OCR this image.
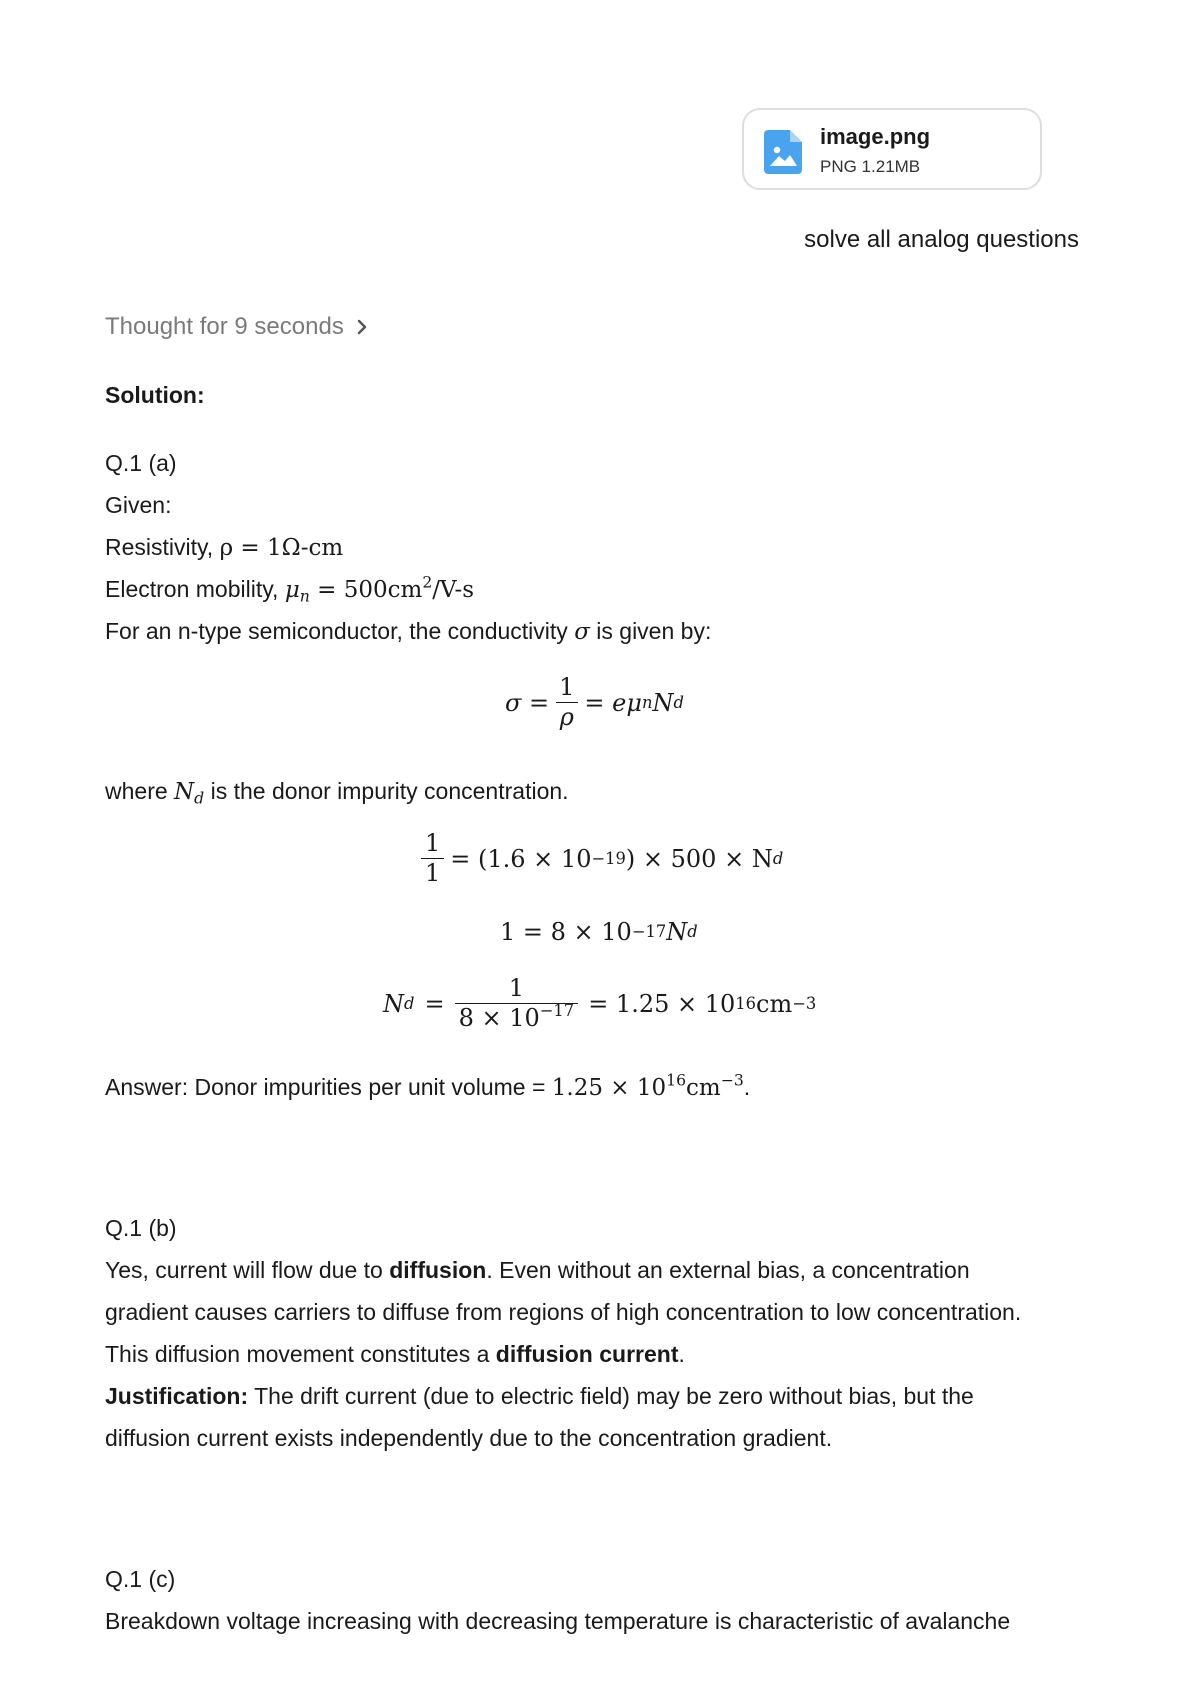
image.png
PNG 1.21MB
solve all analog questions
Thought for 9 seconds
Solution:
Q.1 (a)
Given:
Resistivity, ρ = 1Ω-cm
Electron mobility, $\mu_n = 500cm^2/V-s$
For an n-type semiconductor, the conductivity σ is given by:
$\sigma = \frac{1}{\rho} = e\mu$ n N d
where $N_d$ is the donor impurity concentration.
$\frac{1}{1} = (1.6 \times 10 -19$ ) × 500 × N d
1 = 8 × 10 −17 N d
N $d = \frac{1}{8 \times 10^{-17}} = 1.25 \times 10$ 16 cm −3
Answer: Donor impurities per unit volume = $1.25 \times 10^{16}cm^{-3}$.
Q.1 (b)
Yes, current will flow due to diffusion. Even without an external bias, a concentration
gradient causes carriers to diffuse from regions of high concentration to low concentration.
This diffusion movement constitutes a diffusion current.
Justification: The drift current (due to electric field) may be zero without bias, but the
diffusion current exists independently due to the concentration gradient.
Q.1 (c)
Breakdown voltage increasing with decreasing temperature is characteristic of avalanche
